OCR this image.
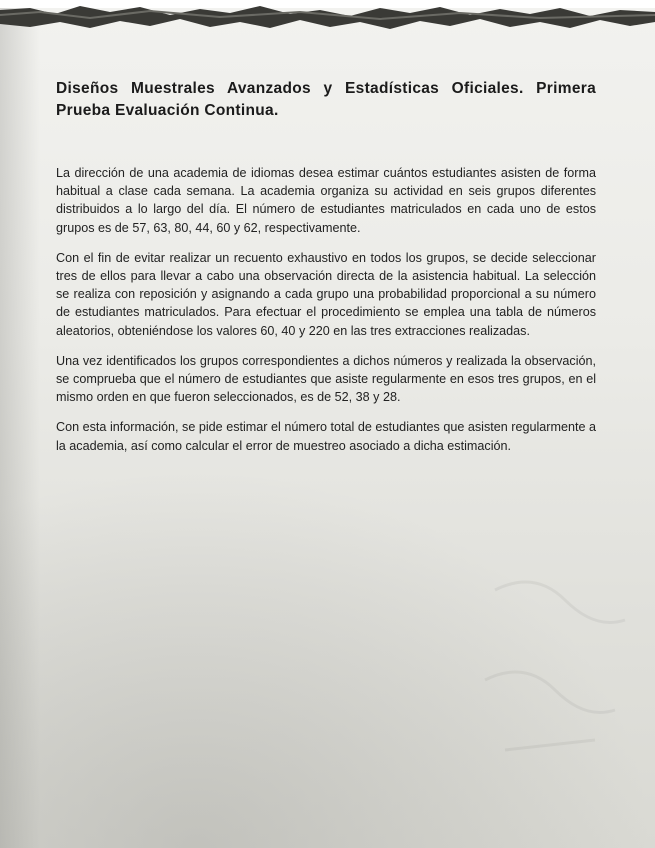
Diseños Muestrales Avanzados y Estadísticas Oficiales. Primera Prueba Evaluación Continua.

La dirección de una academia de idiomas desea estimar cuántos estudiantes asisten de forma habitual a clase cada semana. La academia organiza su actividad en seis grupos diferentes distribuidos a lo largo del día. El número de estudiantes matriculados en cada uno de estos grupos es de 57, 63, 80, 44, 60 y 62, respectivamente.

Con el fin de evitar realizar un recuento exhaustivo en todos los grupos, se decide seleccionar tres de ellos para llevar a cabo una observación directa de la asistencia habitual. La selección se realiza con reposición y asignando a cada grupo una probabilidad proporcional a su número de estudiantes matriculados. Para efectuar el procedimiento se emplea una tabla de números aleatorios, obteniéndose los valores 60, 40 y 220 en las tres extracciones realizadas.

Una vez identificados los grupos correspondientes a dichos números y realizada la observación, se comprueba que el número de estudiantes que asiste regularmente en esos tres grupos, en el mismo orden en que fueron seleccionados, es de 52, 38 y 28.

Con esta información, se pide estimar el número total de estudiantes que asisten regularmente a la academia, así como calcular el error de muestreo asociado a dicha estimación.
